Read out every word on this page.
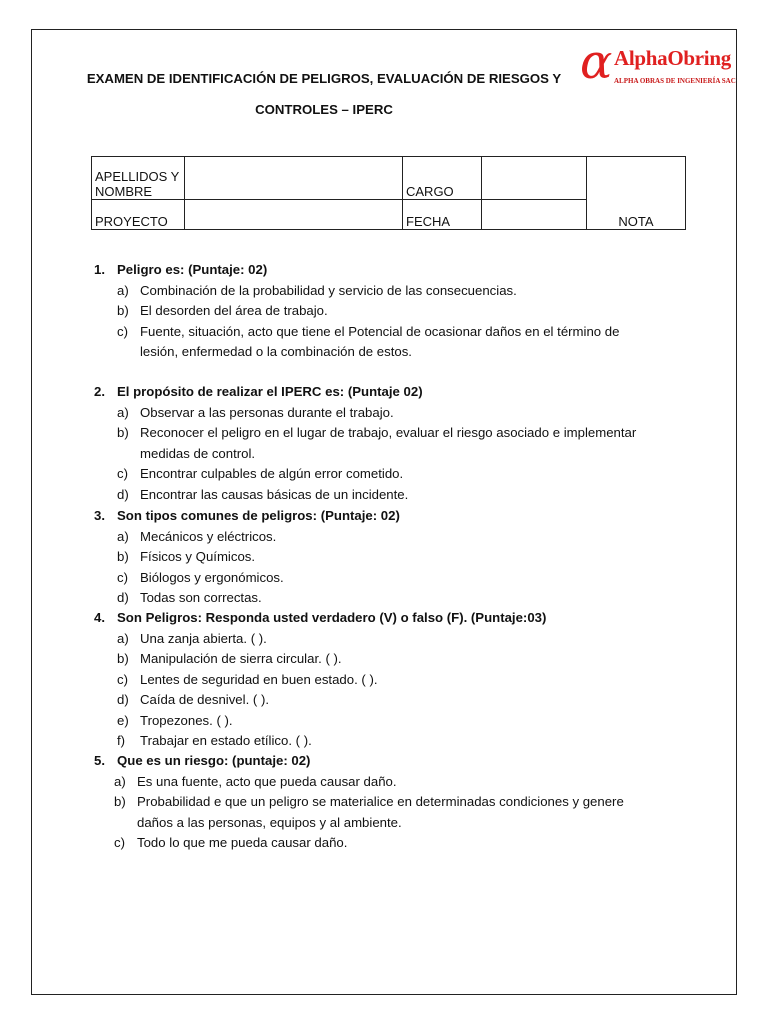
EXAMEN DE IDENTIFICACIÓN DE PELIGROS, EVALUACIÓN DE RIESGOS Y
CONTROLES – IPERC
α AlphaObring
ALPHA OBRAS DE INGENIERÍA SAC
APELLIDOS Y NOMBRE		CARGO		NOTA
PROYECTO		FECHA		
1. Peligro es: (Puntaje: 02)
a) Combinación de la probabilidad y servicio de las consecuencias.
b) El desorden del área de trabajo.
c) Fuente, situación, acto que tiene el Potencial de ocasionar daños en el término de
lesión, enfermedad o la combinación de estos.
2. El propósito de realizar el IPERC es: (Puntaje 02)
a) Observar a las personas durante el trabajo.
b) Reconocer el peligro en el lugar de trabajo, evaluar el riesgo asociado e implementar
medidas de control.
c) Encontrar culpables de algún error cometido.
d) Encontrar las causas básicas de un incidente.
3. Son tipos comunes de peligros: (Puntaje: 02)
a) Mecánicos y eléctricos.
b) Físicos y Químicos.
c) Biólogos y ergonómicos.
d) Todas son correctas.
4. Son Peligros: Responda usted verdadero (V) o falso (F). (Puntaje:03)
a) Una zanja abierta. ( ).
b) Manipulación de sierra circular. ( ).
c) Lentes de seguridad en buen estado. ( ).
d) Caída de desnivel. ( ).
e) Tropezones. ( ).
f) Trabajar en estado etílico. ( ).
5. Que es un riesgo: (puntaje: 02)
a) Es una fuente, acto que pueda causar daño.
b) Probabilidad e que un peligro se materialice en determinadas condiciones y genere
daños a las personas, equipos y al ambiente.
c) Todo lo que me pueda causar daño.
